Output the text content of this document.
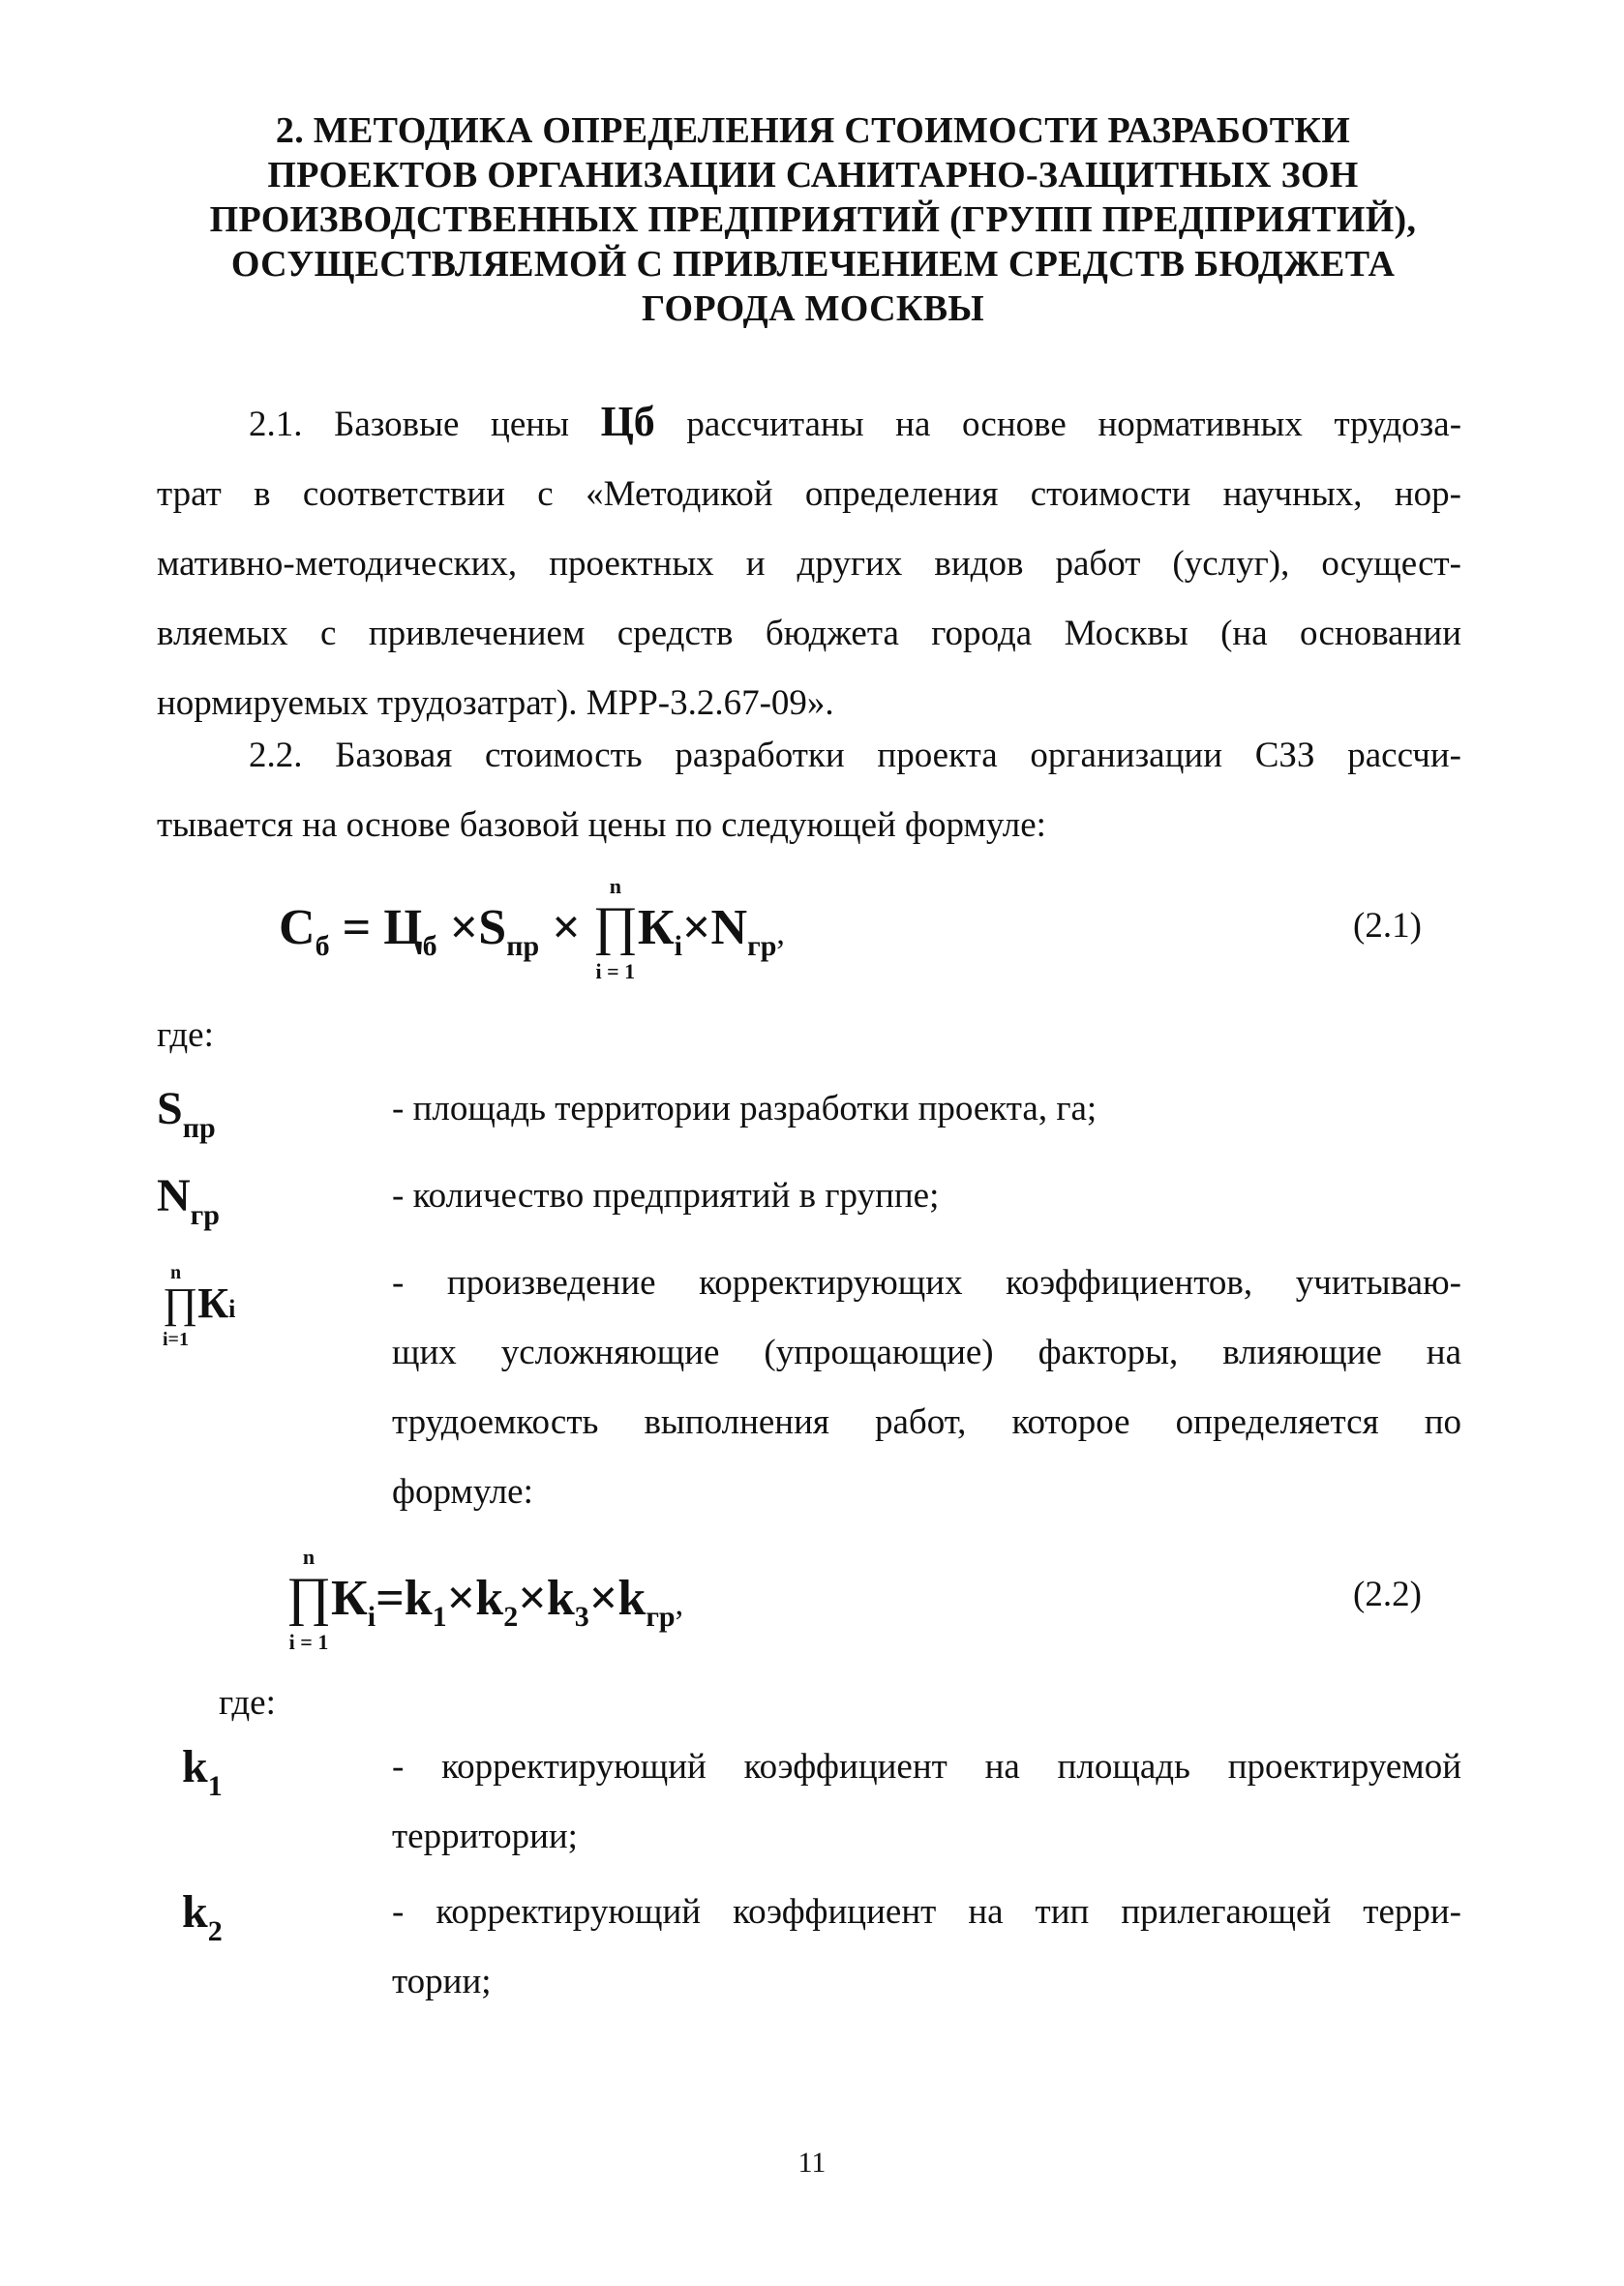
2. МЕТОДИКА ОПРЕДЕЛЕНИЯ СТОИМОСТИ РАЗРАБОТКИ
ПРОЕКТОВ ОРГАНИЗАЦИИ САНИТАРНО-ЗАЩИТНЫХ ЗОН
ПРОИЗВОДСТВЕННЫХ ПРЕДПРИЯТИЙ (ГРУПП ПРЕДПРИЯТИЙ),
ОСУЩЕСТВЛЯЕМОЙ С ПРИВЛЕЧЕНИЕМ СРЕДСТВ БЮДЖЕТА
ГОРОДА МОСКВЫ
2.1. Базовые цены Цб рассчитаны на основе нормативных трудоза-
трат в соответствии с «Методикой определения стоимости научных, нор-
мативно-методических, проектных и других видов работ (услуг), осущест-
вляемых с привлечением средств бюджета города Москвы (на основании
нормируемых трудозатрат). МРР-3.2.67-09».
2.2. Базовая стоимость разработки проекта организации СЗЗ рассчи-
тывается на основе базовой цены по следующей формуле:
$С_б = Ц_б \times S_{пр}$ ×
n
∏
i = 1
$К_i\times N_{гр}$,	(2.1)
где:
$S_{пр}$	- площадь территории разработки проекта, га;
$N_{гр}$	- количество предприятий в группе;
n
∏Кi
i=1
- произведение корректирующих коэффициентов, учитываю-
щих усложняющие (упрощающие) факторы, влияющие на
трудоемкость выполнения работ, которое определяется по
формуле:
n
∏
i = 1
$К_i=k_1\times k_2\times k_3\times k_{гр}$,	(2.2)
где:
$k_1$	- корректирующий коэффициент на площадь проектируемой
территории;
$k_2$	- корректирующий коэффициент на тип прилегающей терри-
тории;
11
